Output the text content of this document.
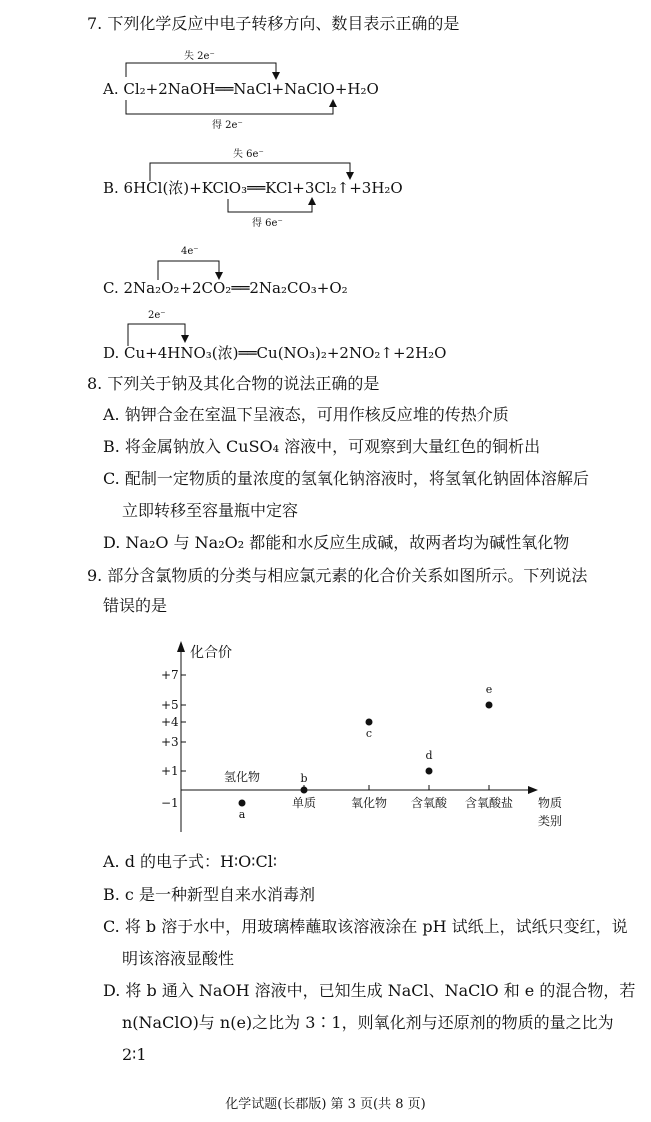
7. 下列化学反应中电子转移方向、数目表示正确的是
失 2e⁻
A. Cl₂+2NaOH══NaCl+NaClO+H₂O
得 2e⁻
失 6e⁻
B. 6HCl(浓)+KClO₃══KCl+3Cl₂↑+3H₂O
得 6e⁻
4e⁻
C. 2Na₂O₂+2CO₂══2Na₂CO₃+O₂
2e⁻
D. Cu+4HNO₃(浓)══Cu(NO₃)₂+2NO₂↑+2H₂O
8. 下列关于钠及其化合物的说法正确的是
A. 钠钾合金在室温下呈液态，可用作核反应堆的传热介质
B. 将金属钠放入 CuSO₄ 溶液中，可观察到大量红色的铜析出
C. 配制一定物质的量浓度的氢氧化钠溶液时，将氢氧化钠固体溶解后
立即转移至容量瓶中定容
D. Na₂O 与 Na₂O₂ 都能和水反应生成碱，故两者均为碱性氧化物
9. 部分含氯物质的分类与相应氯元素的化合价关系如图所示。下列说法
错误的是
化合价
物质
类别
+7
+5
+4
+3
+1
−1
氢化物
单质	氧化物 含氧酸 含氧酸盐
a
b
c
d
e
A. d 的电子式：H∶O∶Cl∶
B. c 是一种新型自来水消毒剂
C. 将 b 溶于水中，用玻璃棒蘸取该溶液涂在 pH 试纸上，试纸只变红，说
明该溶液显酸性
D. 将 b 通入 NaOH 溶液中，已知生成 NaCl、NaClO 和 e 的混合物，若
n(NaClO)与 n(e)之比为 3∶1，则氧化剂与还原剂的物质的量之比为
2∶1
化学试题(长郡版) 第 3 页(共 8 页)
